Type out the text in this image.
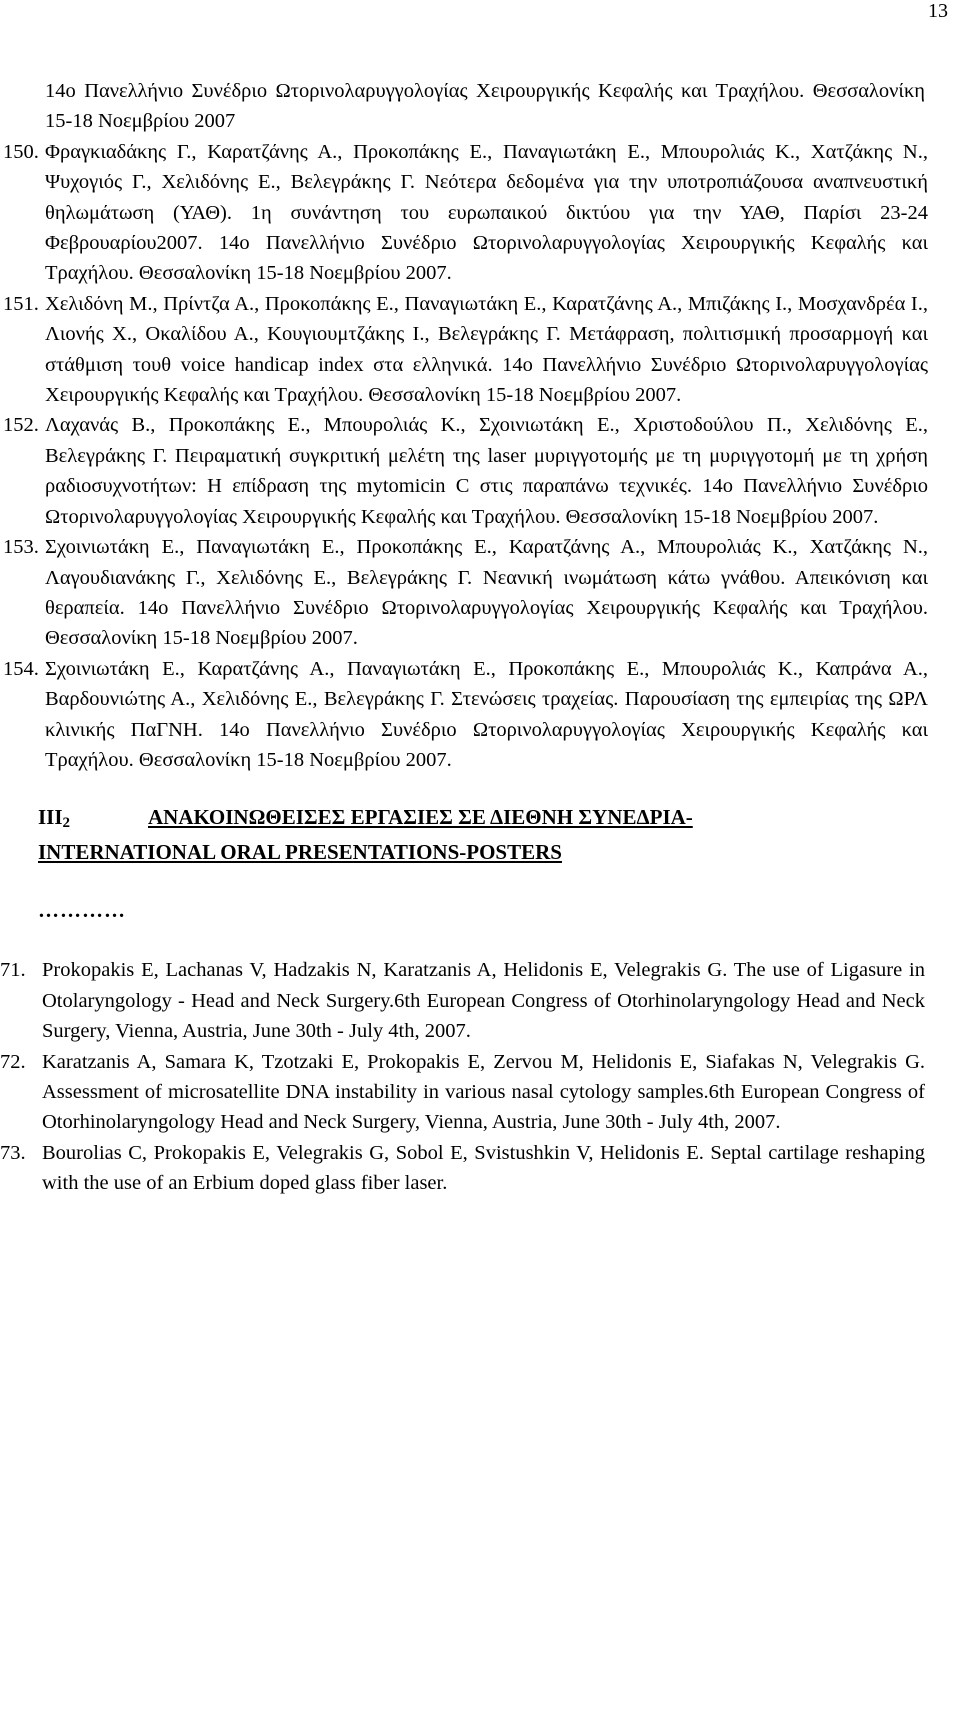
13
14ο Πανελλήνιο Συνέδριο Ωτορινολαρυγγολογίας Χειρουργικής Κεφαλής και Τραχήλου. Θεσσαλονίκη 15-18 Νοεμβρίου 2007
150. Φραγκιαδάκης Γ., Καρατζάνης Α., Προκοπάκης Ε., Παναγιωτάκη Ε., Μπουρολιάς Κ., Χατζάκης Ν., Ψυχογιός Γ., Χελιδόνης Ε., Βελεγράκης Γ. Νεότερα δεδομένα για την υποτροπιάζουσα αναπνευστική θηλωμάτωση (ΥΑΘ). 1η συνάντηση του ευρωπαικού δικτύου για την ΥΑΘ, Παρίσι 23-24 Φεβρουαρίου2007. 14ο Πανελλήνιο Συνέδριο Ωτορινολαρυγγολογίας Χειρουργικής Κεφαλής και Τραχήλου. Θεσσαλονίκη 15-18 Νοεμβρίου 2007.
151. Χελιδόνη Μ., Πρίντζα Α., Προκοπάκης Ε., Παναγιωτάκη Ε., Καρατζάνης Α., Μπιζάκης Ι., Μοσχανδρέα Ι., Λιονής Χ., Οκαλίδου Α., Κουγιουμτζάκης Ι., Βελεγράκης Γ. Μετάφραση, πολιτισμική προσαρμογή και στάθμιση τουθ voice handicap index στα ελληνικά. 14ο Πανελλήνιο Συνέδριο Ωτορινολαρυγγολογίας Χειρουργικής Κεφαλής και Τραχήλου. Θεσσαλονίκη 15-18 Νοεμβρίου 2007.
152. Λαχανάς Β., Προκοπάκης Ε., Μπουρολιάς Κ., Σχοινιωτάκη Ε., Χριστοδούλου Π., Χελιδόνης Ε., Βελεγράκης Γ. Πειραματική συγκριτική μελέτη της laser μυριγγοτομής με τη μυριγγοτομή με τη χρήση ραδιοσυχνοτήτων: Η επίδραση της mytomicin C στις παραπάνω τεχνικές. 14ο Πανελλήνιο Συνέδριο Ωτορινολαρυγγολογίας Χειρουργικής Κεφαλής και Τραχήλου. Θεσσαλονίκη 15-18 Νοεμβρίου 2007.
153. Σχοινιωτάκη Ε., Παναγιωτάκη Ε., Προκοπάκης Ε., Καρατζάνης Α., Μπουρολιάς Κ., Χατζάκης Ν., Λαγουδιανάκης Γ., Χελιδόνης Ε., Βελεγράκης Γ. Νεανική ινωμάτωση κάτω γνάθου. Απεικόνιση και θεραπεία. 14ο Πανελλήνιο Συνέδριο Ωτορινολαρυγγολογίας Χειρουργικής Κεφαλής και Τραχήλου. Θεσσαλονίκη 15-18 Νοεμβρίου 2007.
154. Σχοινιωτάκη Ε., Καρατζάνης Α., Παναγιωτάκη Ε., Προκοπάκης Ε., Μπουρολιάς Κ., Καπράνα Α., Βαρδουνιώτης Α., Χελιδόνης Ε., Βελεγράκης Γ. Στενώσεις τραχείας. Παρουσίαση της εμπειρίας της ΩΡΛ κλινικής ΠαΓΝΗ. 14ο Πανελλήνιο Συνέδριο Ωτορινολαρυγγολογίας Χειρουργικής Κεφαλής και Τραχήλου. Θεσσαλονίκη 15-18 Νοεμβρίου 2007.
$III_2$	ΑΝΑΚΟΙΝΩΘΕΙΣΕΣ ΕΡΓΑΣΙΕΣ ΣΕ ΔΙΕΘΝΗ ΣΥΝΕΔΡΙΑ-
INTERNATIONAL ORAL PRESENTATIONS-POSTERS
…………
71. Prokopakis E, Lachanas V, Hadzakis N, Karatzanis A, Helidonis E, Velegrakis G. The use of Ligasure in Otolaryngology - Head and Neck Surgery.6th European Congress of Otorhinolaryngology Head and Neck Surgery, Vienna, Austria, June 30th - July 4th, 2007.
72. Karatzanis A, Samara K, Tzotzaki E, Prokopakis E, Zervou M, Helidonis E, Siafakas N, Velegrakis G. Assessment of microsatellite DNA instability in various nasal cytology samples.6th European Congress of Otorhinolaryngology Head and Neck Surgery, Vienna, Austria, June 30th - July 4th, 2007.
73. Bourolias C, Prokopakis E, Velegrakis G, Sobol E, Svistushkin V, Helidonis E. Septal cartilage reshaping with the use of an Erbium doped glass fiber laser.
